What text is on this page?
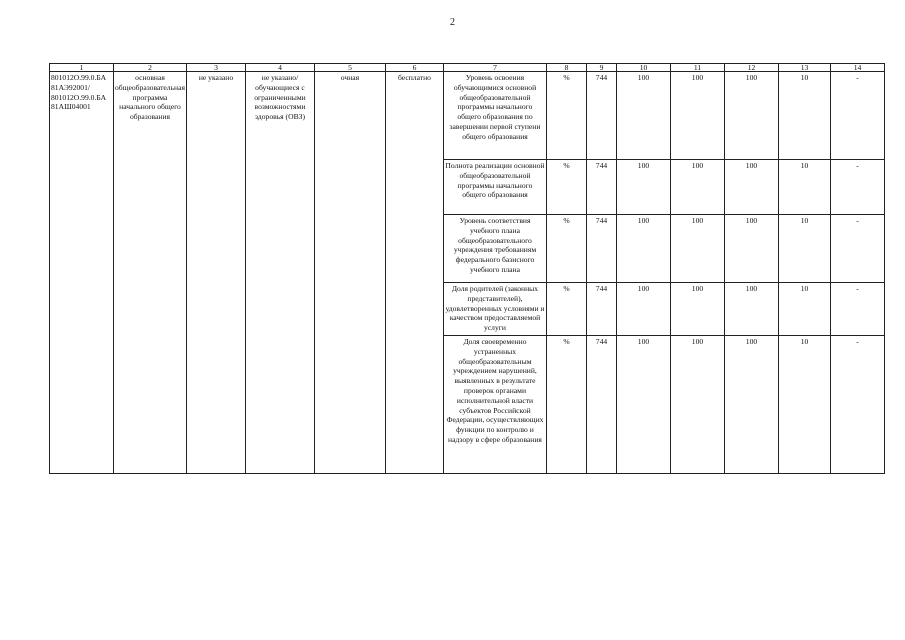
2
1	2	3	4	5	6	7	8	9	10	11	12	13	14
801012О.99.0.БА 81АЭ92001/ 801012О.99.0.БА 81АШ04001	основная общеобразовательная программа начального общего образования	не указано	не указано/ обучающиеся с ограниченными возможностями здоровья (ОВЗ)	очная	бесплатно	Уровень освоения обучающимися основной общеобразовательной программы начального общего образования по завершении первой ступени общего образования	%	744	100	100	100	10	-
						Полнота реализации основной общеобразовательной программы начального общего образования	%	744	100	100	100	10	-
						Уровень соответствия учебного плана общеобразовательного учреждения требованиям федерального базисного учебного плана	%	744	100	100	100	10	-
						Доля родителей (законных представителей), удовлетворенных условиями и качеством предоставляемой услуги	%	744	100	100	100	10	-
						Доля своевременно устраненных общеобразовательным учреждением нарушений, выявленных в результате проверок органами исполнительной власти субъектов Российской Федерации, осуществляющих функции по контролю и надзору в сфере образования	%	744	100	100	100	10	-
